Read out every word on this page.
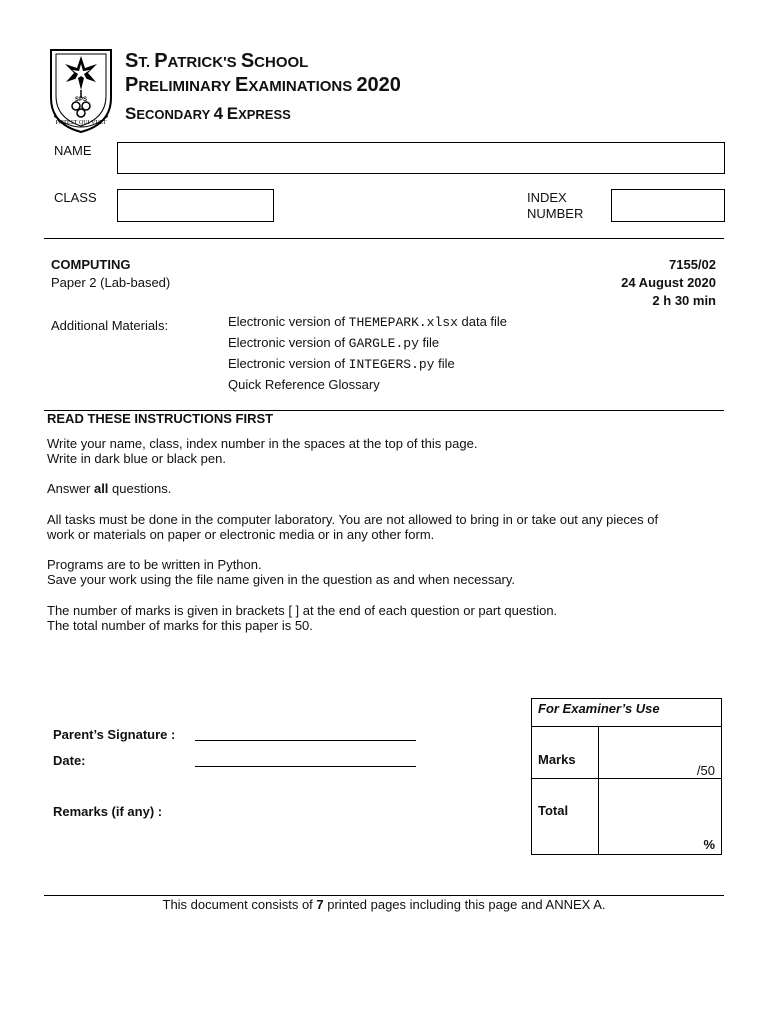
POTEST QUI VULT
SPS
ST. PATRICK'S SCHOOL
PRELIMINARY EXAMINATIONS 2020
SECONDARY 4 EXPRESS
NAME
CLASS	INDEX
NUMBER
COMPUTING
Paper 2 (Lab-based)
7155/02
24 August 2020
2 h 30 min
Additional Materials:	Electronic version of THEMEPARK.xlsx data file
Electronic version of GARGLE.py file
Electronic version of INTEGERS.py file
Quick Reference Glossary
READ THESE INSTRUCTIONS FIRST
Write your name, class, index number in the spaces at the top of this page.
Write in dark blue or black pen.
Answer all questions.
All tasks must be done in the computer laboratory. You are not allowed to bring in or take out any pieces of
work or materials on paper or electronic media or in any other form.
Programs are to be written in Python.
Save your work using the file name given in the question as and when necessary.
The number of marks is given in brackets [ ] at the end of each question or part question.
The total number of marks for this paper is 50.
Parent’s Signature :
Date:
Remarks (if any) :
For Examiner’s Use	
Marks	/50
Total	%
This document consists of 7 printed pages including this page and ANNEX A.
